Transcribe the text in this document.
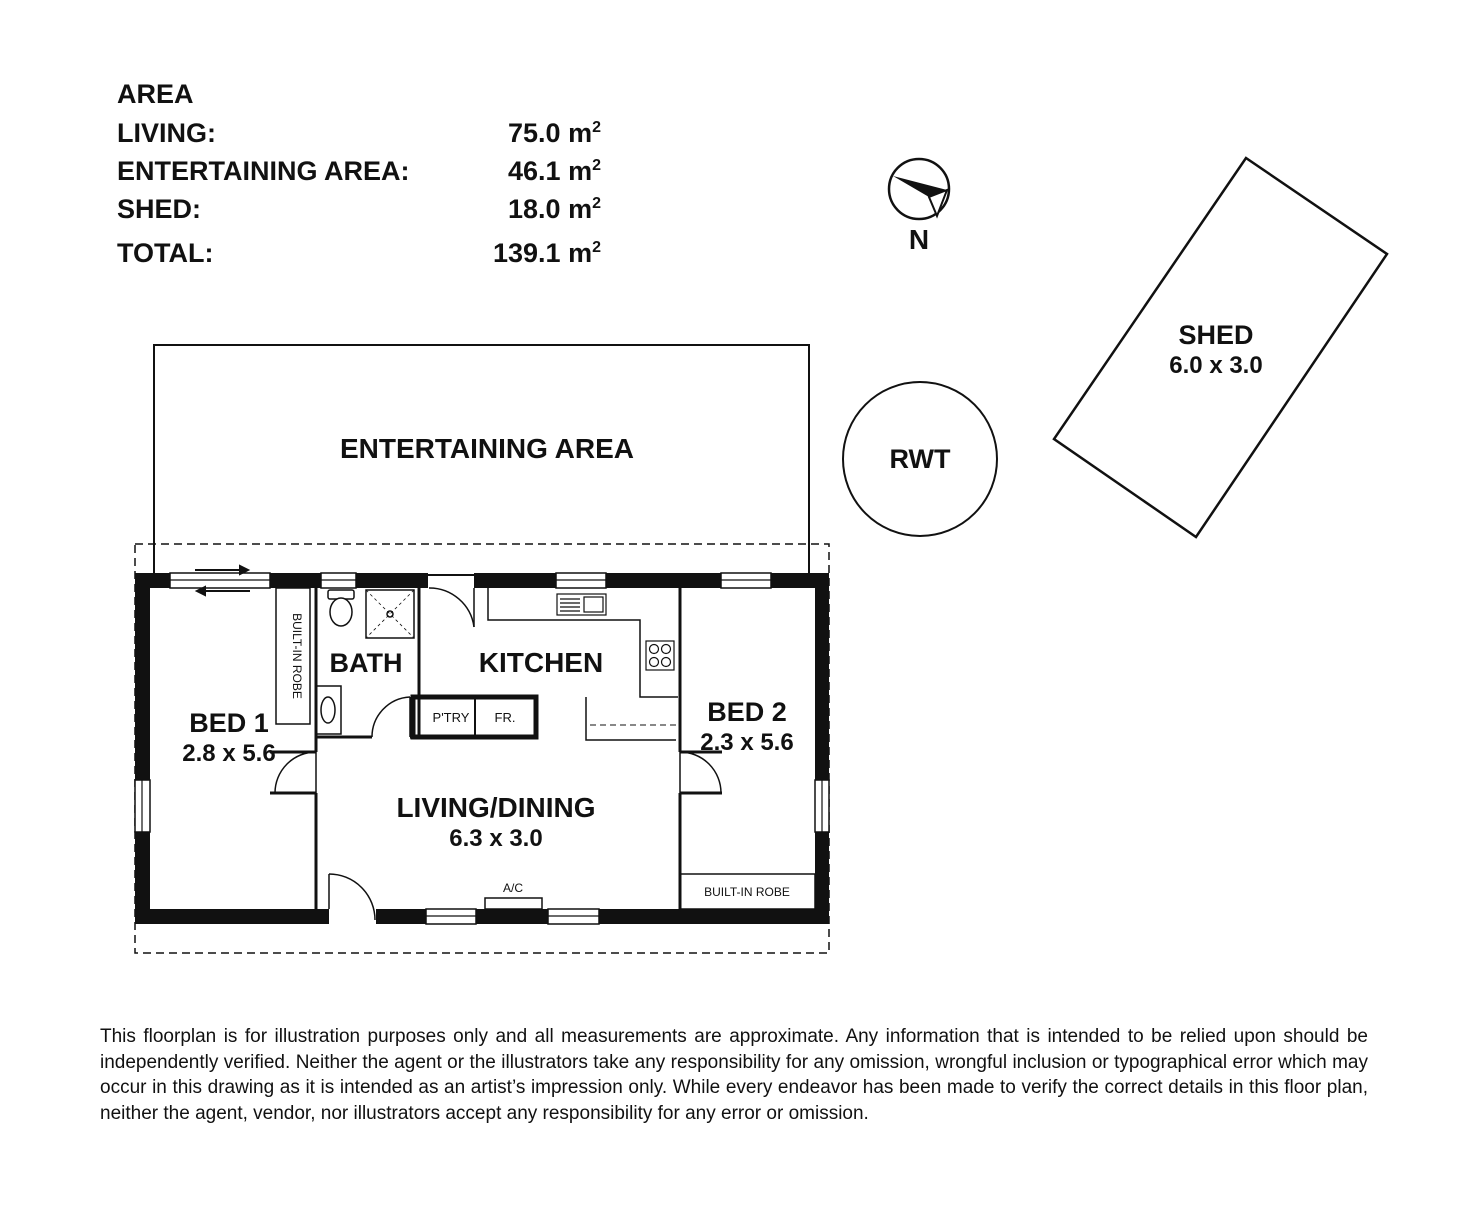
AREA
LIVING:	75.0 $m^2$
ENTERTAINING AREA:	46.1 $m^2$
SHED:	18.0 $m^2$
TOTAL:	139.1 $m^2$	N
ENTERTAINING AREA	RWT
SHED
6.0 x 3.0
P'TRY FR.
BUILT-IN ROBE
BUILT-IN ROBE
A/C
BED 1
2.8 x 5.6
BATH	KITCHEN
BED 2
2.3 x 5.6
LIVING/DINING
6.3 x 3.0
This floorplan is for illustration purposes only and all measurements are approximate. Any information that is intended to be relied upon should be independently verified. Neither the agent or the illustrators take any responsibility for any omission, wrongful inclusion or typographical error which may occur in this drawing as it is intended as an artist’s impression only. While every endeavor has been made to verify the correct details in this floor plan, neither the agent, vendor, nor illustrators accept any responsibility for any error or omission.
